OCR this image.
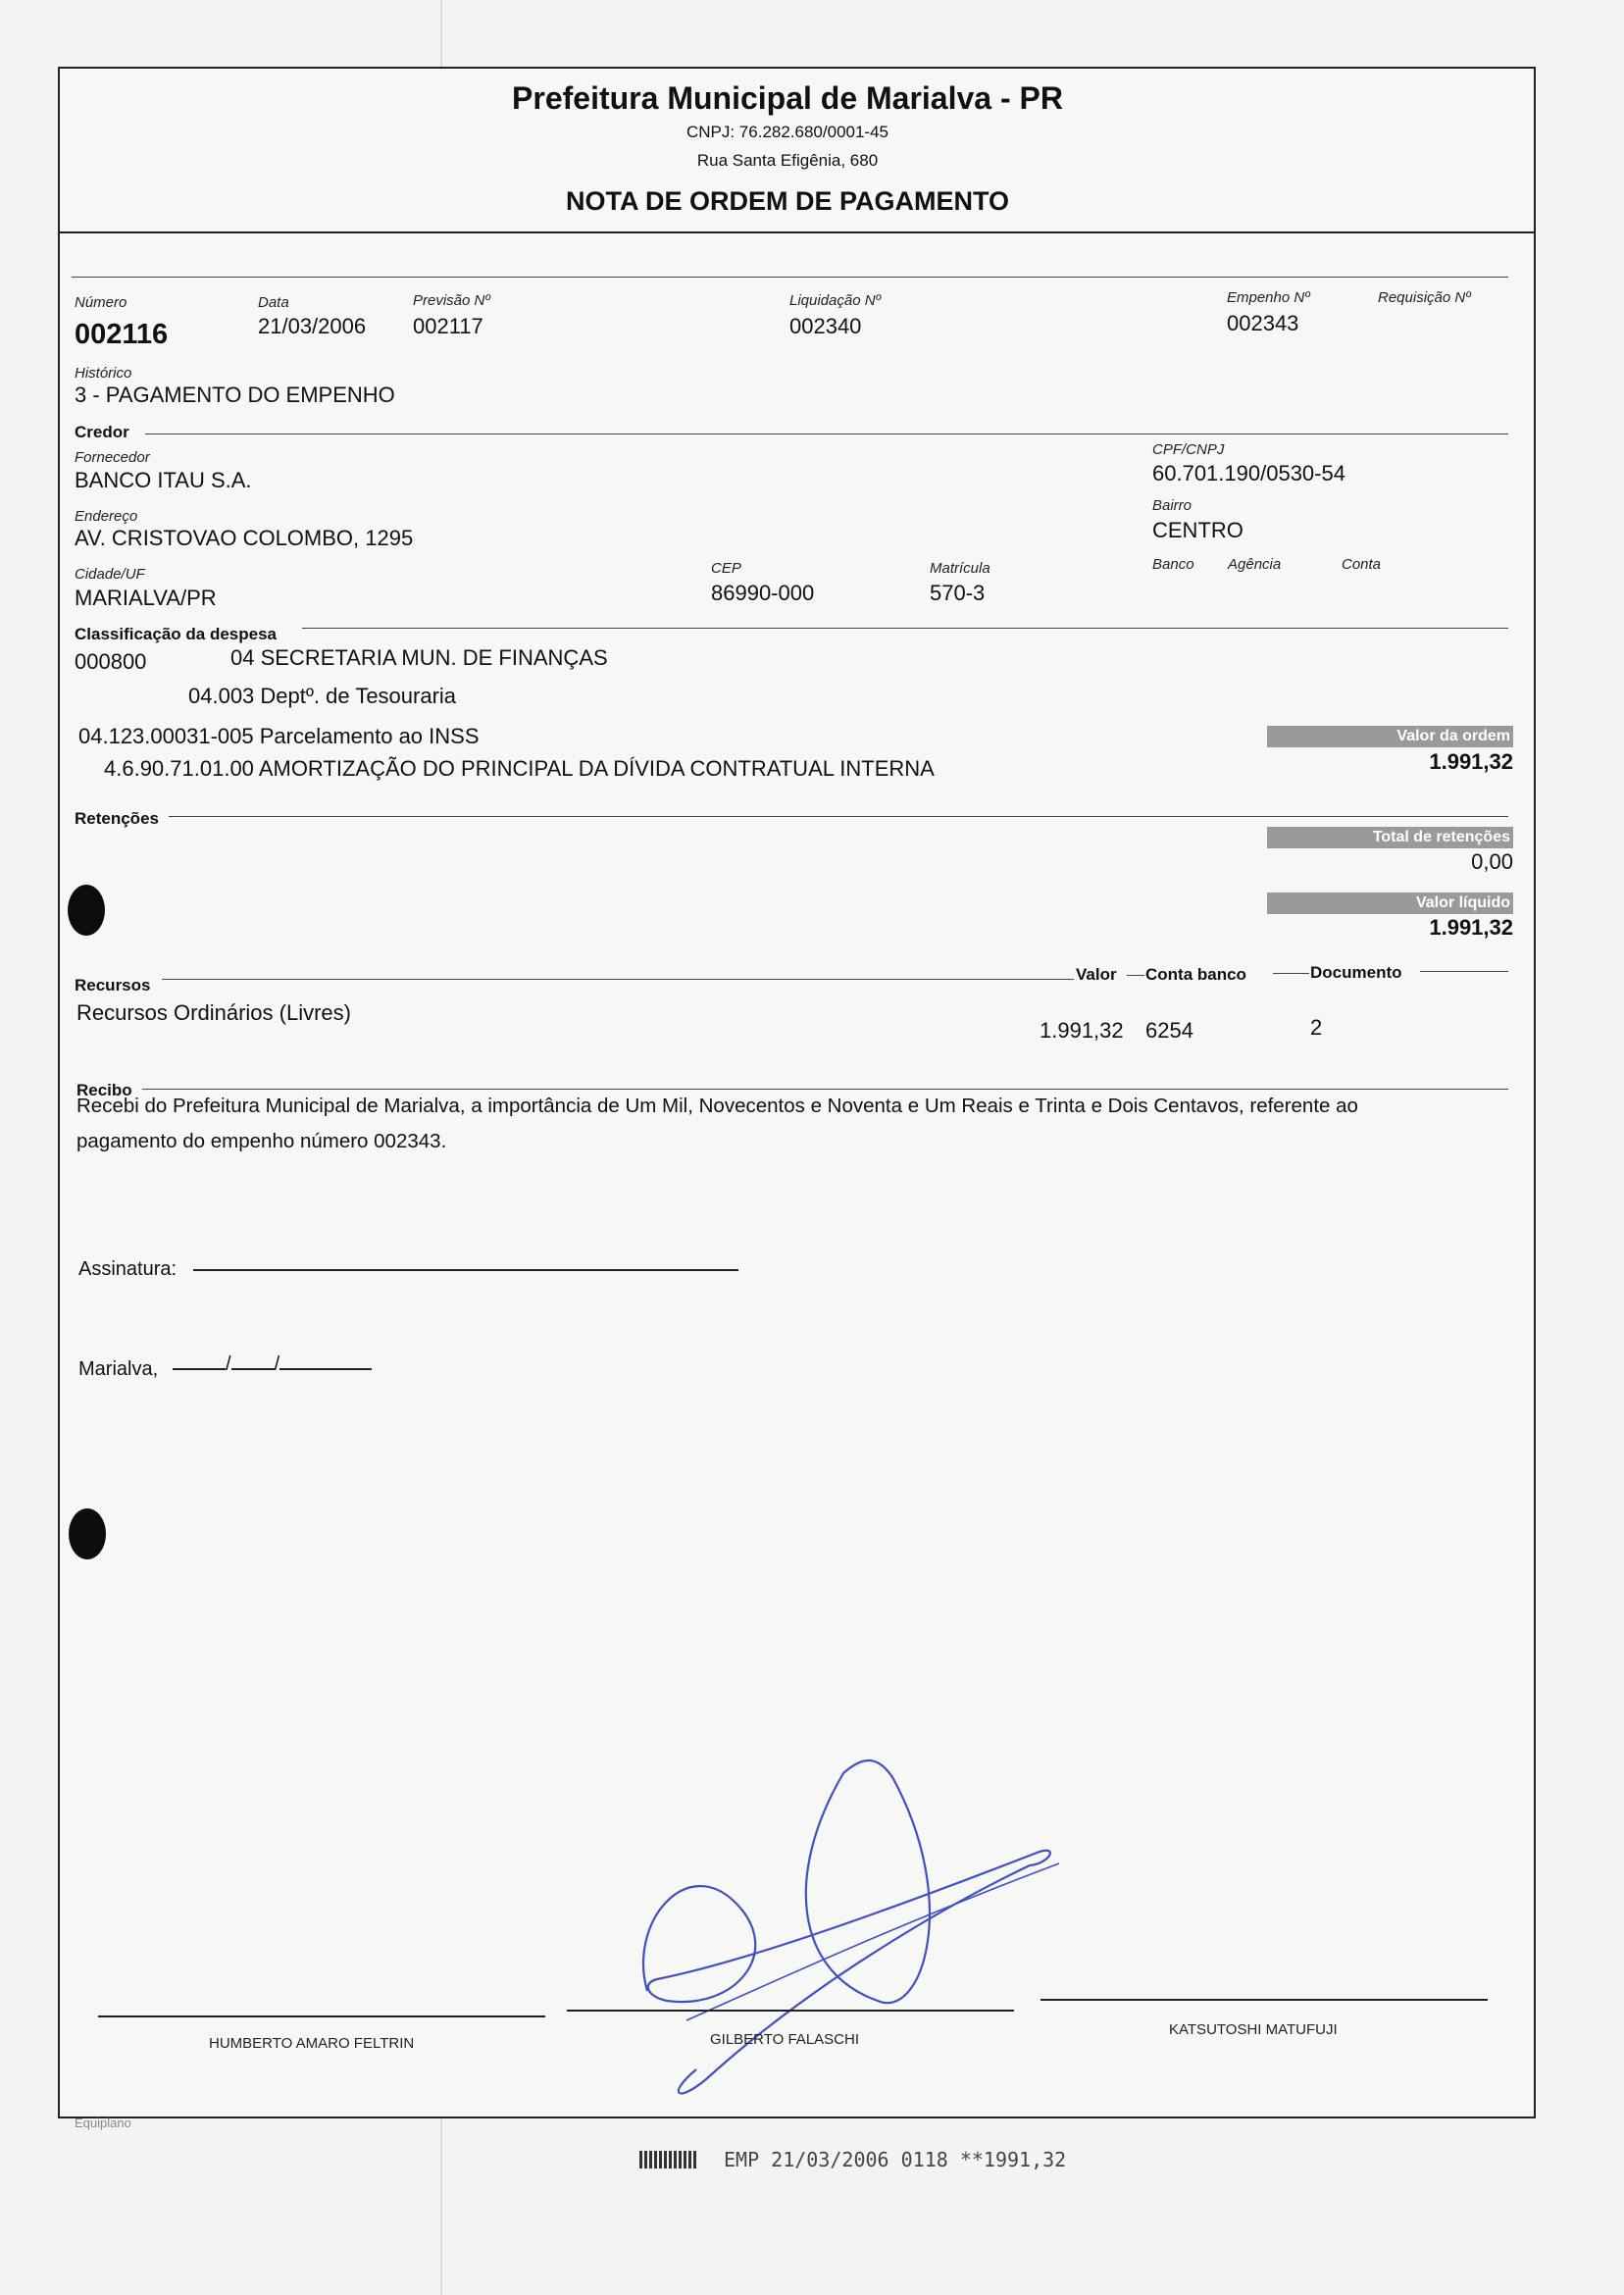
Prefeitura Municipal de Marialva - PR
CNPJ: 76.282.680/0001-45
Rua Santa Efigênia, 680
NOTA DE ORDEM DE PAGAMENTO
Número
002116
Data
21/03/2006
Previsão Nº
002117
Liquidação Nº
002340
Empenho Nº
002343
Requisição Nº
Histórico
3 - PAGAMENTO DO EMPENHO
Credor
Fornecedor
BANCO ITAU S.A.
CPF/CNPJ
60.701.190/0530-54
Endereço
AV. CRISTOVAO COLOMBO, 1295
Bairro
CENTRO
Cidade/UF
MARIALVA/PR
CEP
86990-000
Matrícula
570-3
Banco Agência	Conta
Classificação da despesa
000800	04 SECRETARIA MUN. DE FINANÇAS
04.003 Deptº. de Tesouraria
04.123.00031-005 Parcelamento ao INSS
4.6.90.71.01.00 AMORTIZAÇÃO DO PRINCIPAL DA DÍVIDA CONTRATUAL INTERNA
Valor da ordem
1.991,32
Retenções
Total de retenções
0,00
Valor líquido
1.991,32
Recursos
Valor Conta banco	Documento
Recursos Ordinários (Livres)
1.991,32 6254	2
Recibo
Recebi do Prefeitura Municipal de Marialva, a importância de Um Mil, Novecentos e Noventa e Um Reais e Trinta e Dois Centavos, referente ao
pagamento do empenho número 002343.
Assinatura:
Marialva,	/ /
HUMBERTO AMARO FELTRIN	GILBERTO FALASCHI
KATSUTOSHI MATUFUJI
Equiplano
EMP 21/03/2006 0118 **1991,32
